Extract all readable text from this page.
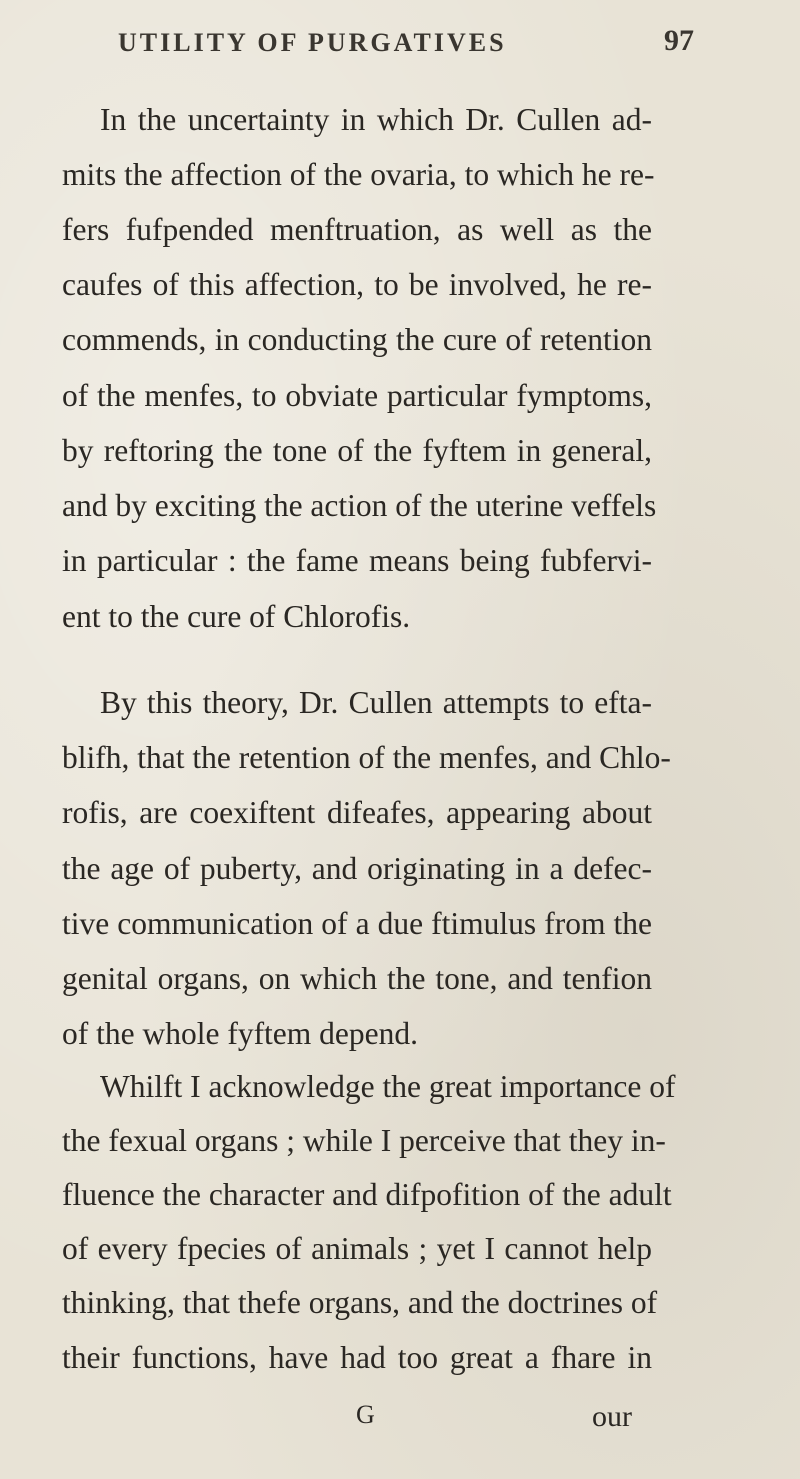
UTILITY OF PURGATIVES	97
In the uncertainty in which Dr. Cullen ad-
mits the affection of the ovaria, to which he re-
fers fufpended menftruation, as well as the
caufes of this affection, to be involved, he re-
commends, in conducting the cure of retention
of the menfes, to obviate particular fymptoms,
by reftoring the tone of the fyftem in general,
and by exciting the action of the uterine veffels
in particular : the fame means being fubfervi-
ent to the cure of Chlorofis.
By this theory, Dr. Cullen attempts to efta-
blifh, that the retention of the menfes, and Chlo-
rofis, are coexiftent difeafes, appearing about
the age of puberty, and originating in a defec-
tive communication of a due ftimulus from the
genital organs, on which the tone, and tenfion
of the whole fyftem depend.
Whilft I acknowledge the great importance of
the fexual organs ; while I perceive that they in-
fluence the character and difpofition of the adult
of every fpecies of animals ; yet I cannot help
thinking, that thefe organs, and the doctrines of
their functions, have had too great a fhare in
G	our
